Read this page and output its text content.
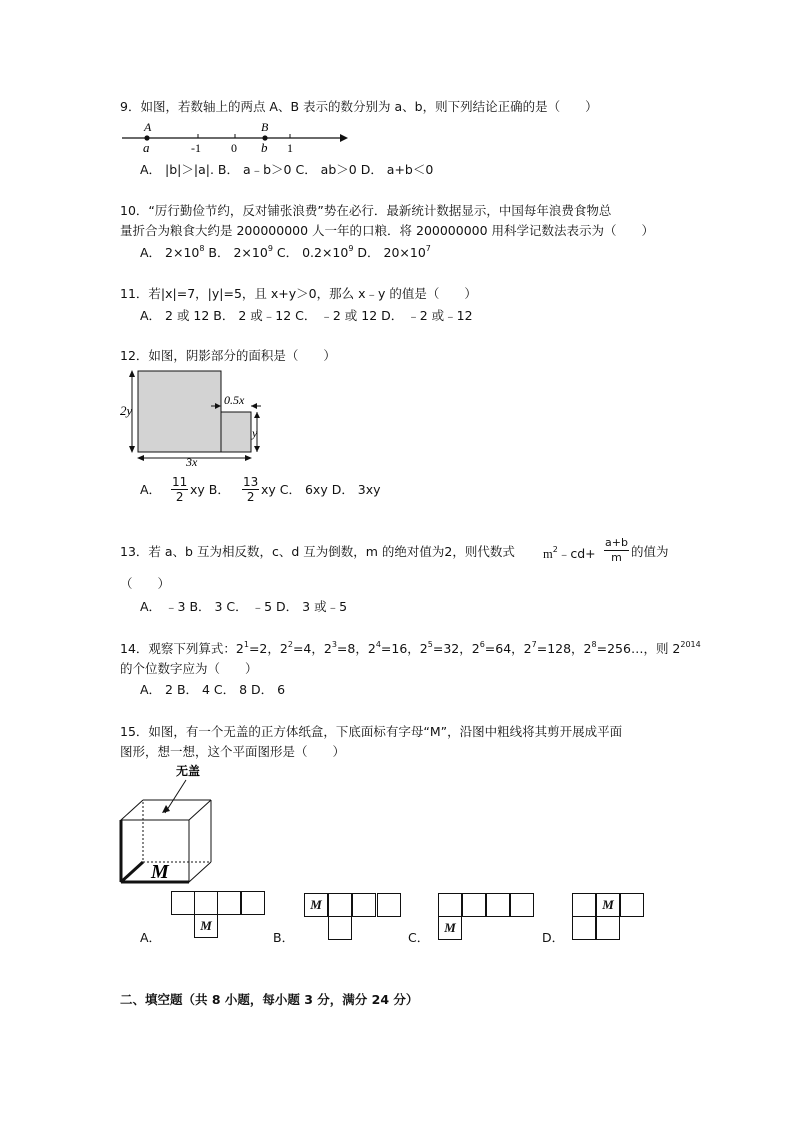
9．如图，若数轴上的两点 A、B 表示的数分别为 a、b，则下列结论正确的是（　　）
A	B
a	b
-1	0	1
A． |b|＞|a|. B． a﹣b＞0 C． ab＞0 D． a+b＜0
10．“厉行勤俭节约，反对铺张浪费”势在必行．最新统计数据显示，中国每年浪费食物总
量折合为粮食大约是 200000000 人一年的口粮．将 200000000 用科学记数法表示为（　　）
A． $2\times 10^8$ B． $2\times 10^9$ C． $0.2\times 10^9$ D． $20\times 10^7$
11．若|x|=7，|y|=5，且 x+y＞0，那么 x﹣y 的值是（　　）
A． 2 或 12 B． 2 或﹣12 C． ﹣2 或 12 D． ﹣2 或﹣12
12．如图，阴影部分的面积是（　　）
2y
0.5x
y
3x
A． $\frac{11}{2}$ xy B． $\frac{13}{2}$ xy C． 6xy D． 3xy
13．若 a、b 互为相反数，c、d 互为倒数，m 的绝对值为2，则代数式 $m^2﹣cd+ \frac{a+b}{m}$ 的值为
（　　）
A． ﹣3 B． 3 C． ﹣5 D． 3 或﹣5
14．观察下列算式：$2^1=2$，$2^2=4$，$2^3=8$，$2^4=16$，$2^5=32$，$2^6=64$，$2^7=128$，$2^8=256\dots$，则 $2^{2014}$
的个位数字应为（　　）
A． 2 B． 4 C． 8 D． 6
15．如图，有一个无盖的正方体纸盒，下底面标有字母“M”，沿图中粗线将其剪开展成平面
图形，想一想，这个平面图形是（　　）
无盖
M
A．
M
B．
M
C．
M
D．
M
二、填空题（共 8 小题，每小题 3 分，满分 24 分）
